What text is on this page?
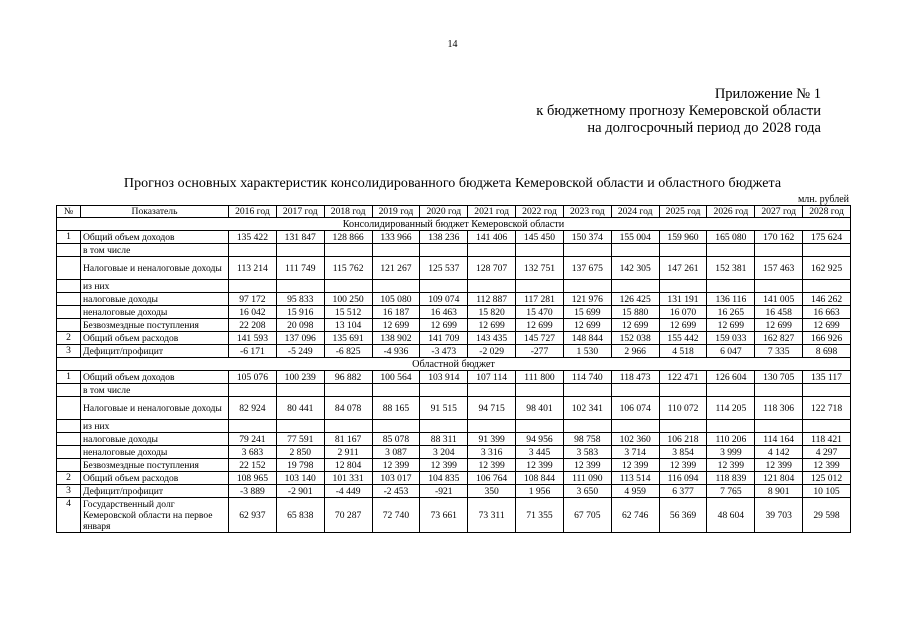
14
Приложение № 1
к бюджетному прогнозу Кемеровской области
на долгосрочный период до 2028 года
Прогноз основных характеристик консолидированного бюджета Кемеровской области и областного бюджета
млн. рублей
№	Показатель	2016 год	2017 год	2018 год	2019 год	2020 год	2021 год	2022 год	2023 год	2024 год	2025 год	2026 год	2027 год	2028 год
Консолидированный бюджет Кемеровской области														
1	Общий объем доходов	135 422	131 847	128 866	133 966	138 236	141 406	145 450	150 374	155 004	159 960	165 080	170 162	175 624
	в том числе													
	Налоговые и неналоговые доходы	113 214	111 749	115 762	121 267	125 537	128 707	132 751	137 675	142 305	147 261	152 381	157 463	162 925
	из них													
	налоговые доходы	97 172	95 833	100 250	105 080	109 074	112 887	117 281	121 976	126 425	131 191	136 116	141 005	146 262
	неналоговые доходы	16 042	15 916	15 512	16 187	16 463	15 820	15 470	15 699	15 880	16 070	16 265	16 458	16 663
	Безвозмездные поступления	22 208	20 098	13 104	12 699	12 699	12 699	12 699	12 699	12 699	12 699	12 699	12 699	12 699
2	Общий объем расходов	141 593	137 096	135 691	138 902	141 709	143 435	145 727	148 844	152 038	155 442	159 033	162 827	166 926
3	Дефицит/профицит	-6 171	-5 249	-6 825	-4 936	-3 473	-2 029	-277	1 530	2 966	4 518	6 047	7 335	8 698
Областной бюджет														
1	Общий объем доходов	105 076	100 239	96 882	100 564	103 914	107 114	111 800	114 740	118 473	122 471	126 604	130 705	135 117
	в том числе													
	Налоговые и неналоговые доходы	82 924	80 441	84 078	88 165	91 515	94 715	98 401	102 341	106 074	110 072	114 205	118 306	122 718
	из них													
	налоговые доходы	79 241	77 591	81 167	85 078	88 311	91 399	94 956	98 758	102 360	106 218	110 206	114 164	118 421
	неналоговые доходы	3 683	2 850	2 911	3 087	3 204	3 316	3 445	3 583	3 714	3 854	3 999	4 142	4 297
	Безвозмездные поступления	22 152	19 798	12 804	12 399	12 399	12 399	12 399	12 399	12 399	12 399	12 399	12 399	12 399
2	Общий объем расходов	108 965	103 140	101 331	103 017	104 835	106 764	108 844	111 090	113 514	116 094	118 839	121 804	125 012
3	Дефицит/профицит	-3 889	-2 901	-4 449	-2 453	-921	350	1 956	3 650	4 959	6 377	7 765	8 901	10 105
4	Государственный долг Кемеровской области на первое января	62 937	65 838	70 287	72 740	73 661	73 311	71 355	67 705	62 746	56 369	48 604	39 703	29 598
